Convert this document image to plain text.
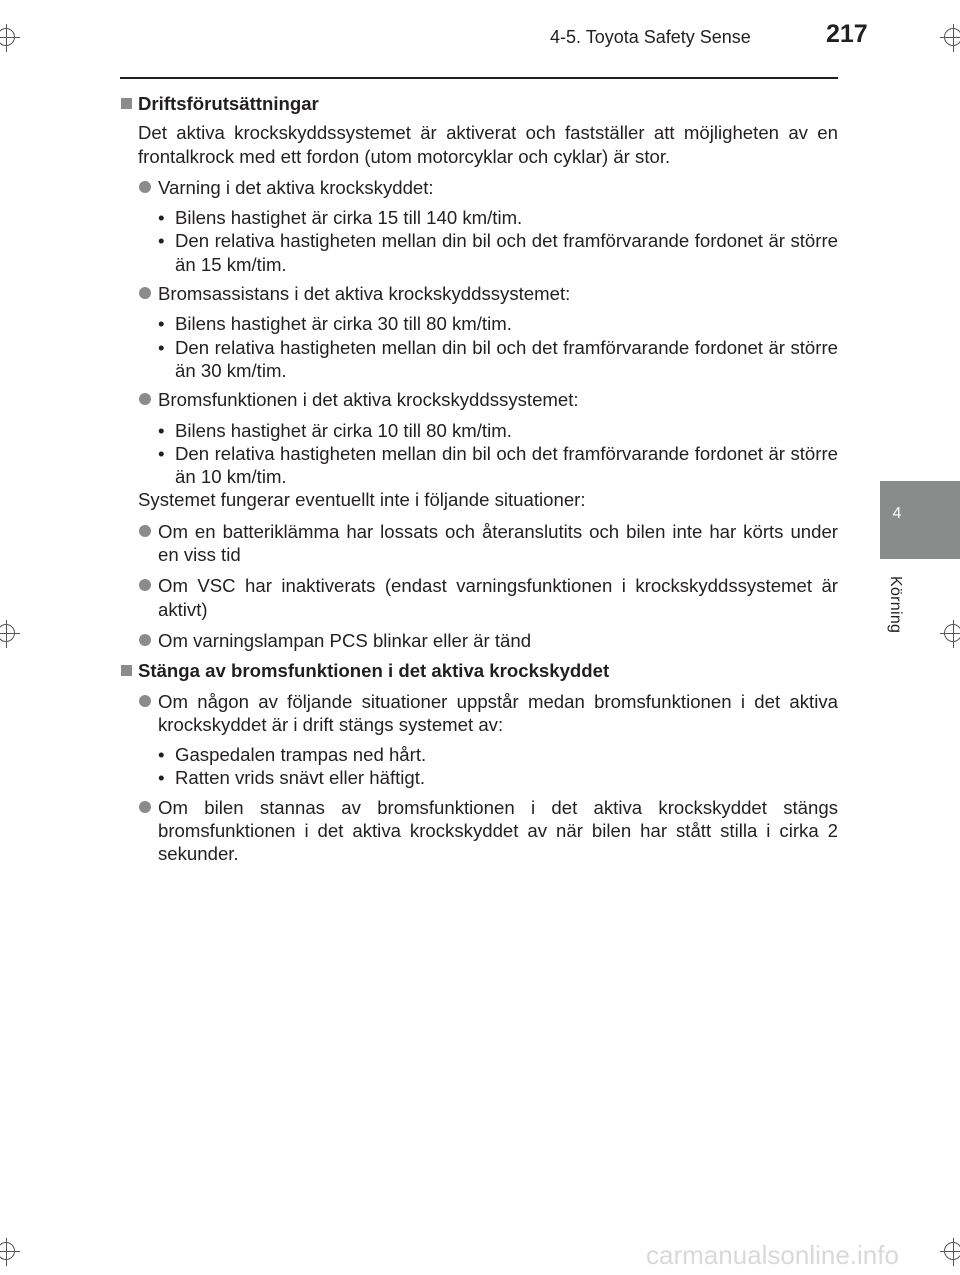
4-5. Toyota Safety Sense	217
4
Körning
Driftsförutsättningar
Det aktiva krockskyddssystemet är aktiverat och fastställer att möjligheten av en frontalkrock med ett fordon (utom motorcyklar och cyklar) är stor.
Varning i det aktiva krockskyddet:
• Bilens hastighet är cirka 15 till 140 km/tim.
• Den relativa hastigheten mellan din bil och det framförvarande fordonet är större än 15 km/tim.
Bromsassistans i det aktiva krockskyddssystemet:
• Bilens hastighet är cirka 30 till 80 km/tim.
• Den relativa hastigheten mellan din bil och det framförvarande fordonet är större än 30 km/tim.
Bromsfunktionen i det aktiva krockskyddssystemet:
• Bilens hastighet är cirka 10 till 80 km/tim.
• Den relativa hastigheten mellan din bil och det framförvarande fordonet är större än 10 km/tim.
Systemet fungerar eventuellt inte i följande situationer:
Om en batteriklämma har lossats och återanslutits och bilen inte har körts under en viss tid
Om VSC har inaktiverats (endast varningsfunktionen i krockskyddssystemet är aktivt)
Om varningslampan PCS blinkar eller är tänd
Stänga av bromsfunktionen i det aktiva krockskyddet
Om någon av följande situationer uppstår medan bromsfunktionen i det aktiva krockskyddet är i drift stängs systemet av:
• Gaspedalen trampas ned hårt.
• Ratten vrids snävt eller häftigt.
Om bilen stannas av bromsfunktionen i det aktiva krockskyddet stängs bromsfunktionen i det aktiva krockskyddet av när bilen har stått stilla i cirka 2 sekunder.
carmanualsonline.info
